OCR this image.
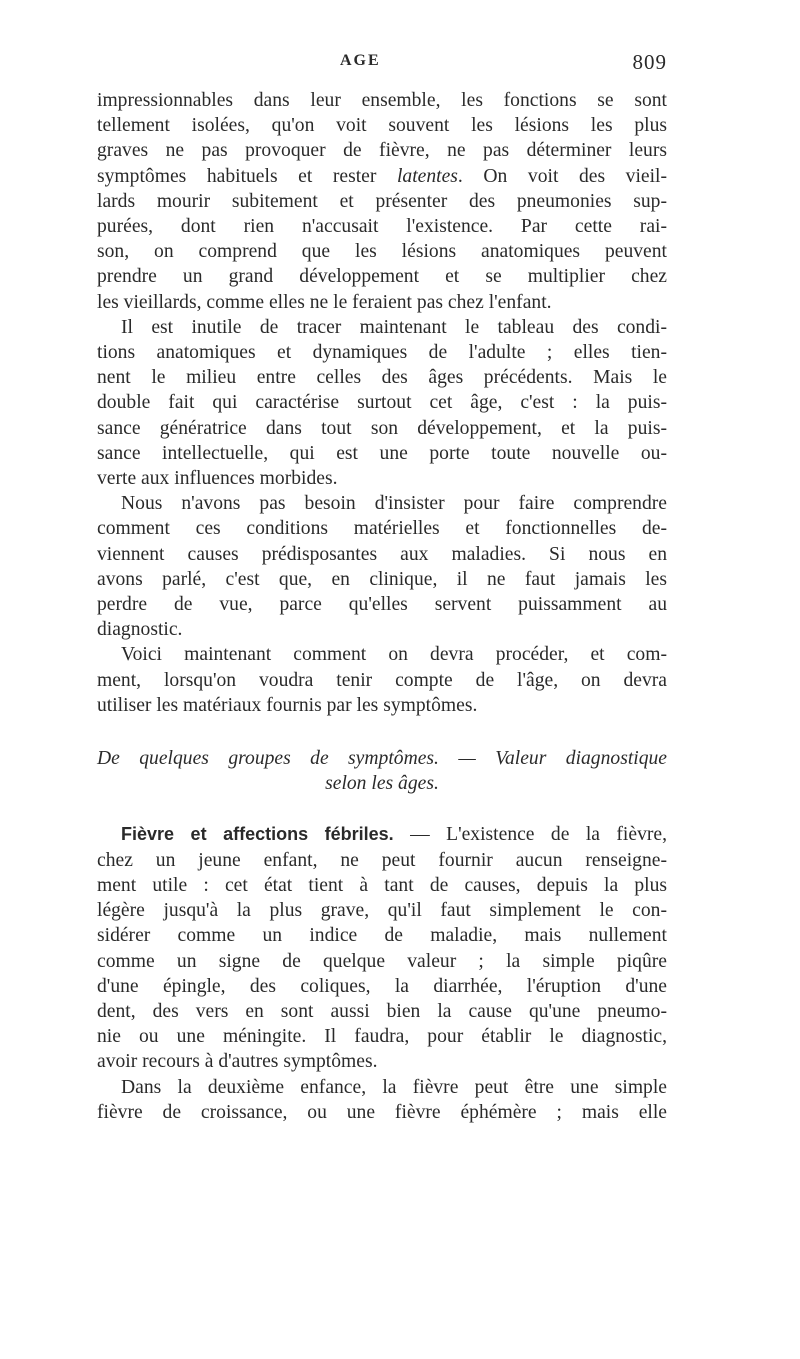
AGE	809

impressionnables dans leur ensemble, les fonctions se sont
tellement isolées, qu'on voit souvent les lésions les plus
graves ne pas provoquer de fièvre, ne pas déterminer leurs
symptômes habituels et rester latentes. On voit des vieil-
lards mourir subitement et présenter des pneumonies sup-
purées, dont rien n'accusait l'existence. Par cette rai-
son, on comprend que les lésions anatomiques peuvent
prendre un grand développement et se multiplier chez
les vieillards, comme elles ne le feraient pas chez l'enfant.

Il est inutile de tracer maintenant le tableau des condi-
tions anatomiques et dynamiques de l'adulte ; elles tien-
nent le milieu entre celles des âges précédents. Mais le
double fait qui caractérise surtout cet âge, c'est : la puis-
sance génératrice dans tout son développement, et la puis-
sance intellectuelle, qui est une porte toute nouvelle ou-
verte aux influences morbides.

Nous n'avons pas besoin d'insister pour faire comprendre
comment ces conditions matérielles et fonctionnelles de-
viennent causes prédisposantes aux maladies. Si nous en
avons parlé, c'est que, en clinique, il ne faut jamais les
perdre de vue, parce qu'elles servent puissamment au
diagnostic.

Voici maintenant comment on devra procéder, et com-
ment, lorsqu'on voudra tenir compte de l'âge, on devra
utiliser les matériaux fournis par les symptômes.

De quelques groupes de symptômes. — Valeur diagnostique
selon les âges.

Fièvre et affections fébriles. — L'existence de la fièvre,
chez un jeune enfant, ne peut fournir aucun renseigne-
ment utile : cet état tient à tant de causes, depuis la plus
légère jusqu'à la plus grave, qu'il faut simplement le con-
sidérer comme un indice de maladie, mais nullement
comme un signe de quelque valeur ; la simple piqûre
d'une épingle, des coliques, la diarrhée, l'éruption d'une
dent, des vers en sont aussi bien la cause qu'une pneumo-
nie ou une méningite. Il faudra, pour établir le diagnostic,
avoir recours à d'autres symptômes.

Dans la deuxième enfance, la fièvre peut être une simple
fièvre de croissance, ou une fièvre éphémère ; mais elle
